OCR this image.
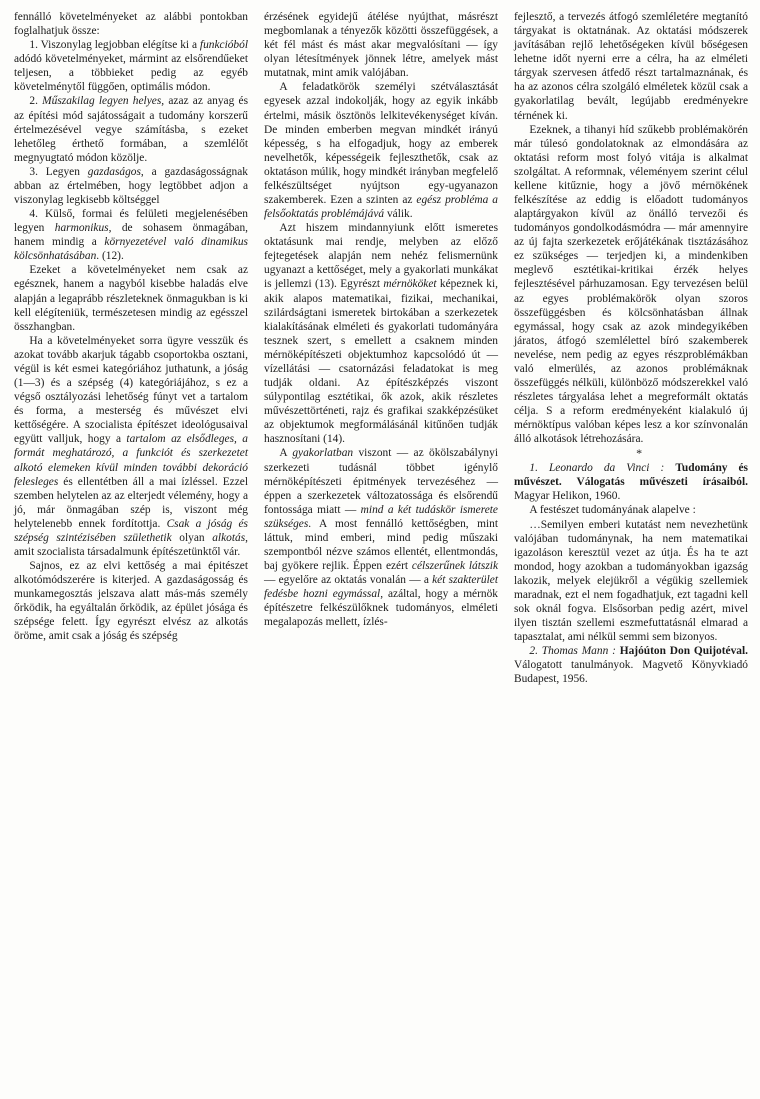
fennálló követelményeket az alábbi pontokban foglalhatjuk össze:

1. Viszonylag legjobban elégítse ki a funkcióból adódó követelményeket, mármint az elsőrendűeket teljesen, a többieket pedig az egyéb követelménytől függően, optimális módon.

2. Műszakilag legyen helyes, azaz az anyag és az építési mód sajátosságait a tudomány korszerű értelmezésével vegye számításba, s ezeket lehetőleg érthető formában, a szemlélőt megnyugtató módon közölje.

3. Legyen gazdaságos, a gazdaságosságnak abban az értelmében, hogy legtöbbet adjon a viszonylag legkisebb költséggel

4. Külső, formai és felületi megjelenésében legyen harmonikus, de sohasem önmagában, hanem mindig a környezetével való dinamikus kölcsönhatásában. (12).

Ezeket a követelményeket nem csak az egésznek, hanem a nagyból kisebbe haladás elve alapján a legaprább részleteknek önmagukban is ki kell elégíteniük, természetesen mindig az egésszel összhangban.

Ha a követelményeket sorra ügyre vesszük és azokat tovább akarjuk tágabb csoportokba osztani, végül is két esmei kategóriához juthatunk, a jóság (1—3) és a szépség (4) kategóriájához, s ez a végső osztályozási lehetőség fúnyt vet a tartalom és forma, a mesterség és művészet elvi kettőségére. A szocialista építészet ideológusaival együtt valljuk, hogy a tartalom az elsődleges, a formát meghatározó, a funkciót és szerkezetet alkotó elemeken kívül minden további dekoráció felesleges és ellentétben áll a mai ízléssel. Ezzel szemben helytelen az az elterjedt vélemény, hogy a jó, már önmagában szép is, viszont még helytelenebb ennek fordítottja. Csak a jóság és szépség szintézisében születhetik olyan alkotás, amit szocialista társadalmunk építészetünktől vár.

Sajnos, ez az elvi kettőség a mai épitészet alkotómódszerére is kiterjed. A gazdaságosság és munkamegosztás jelszava alatt más-más személy őrködik, ha egyáltalán őrködik, az épület jósága és szépsége felett. Így egyrészt elvész az alkotás öröme, amit csak a jóság és szépség

érzésének egyidejű átélése nyújthat, másrészt megbomlanak a tényezők közötti összefüggések, a két fél mást és mást akar megvalósítani — így olyan létesítmények jönnek létre, amelyek mást mutatnak, mint amik valójában.

A feladatkörök személyi szétválasztását egyesek azzal indokolják, hogy az egyik inkább értelmi, másik ösztönös lelkitevékenységet kíván. De minden emberben megvan mindkét irányú képesség, s ha elfogadjuk, hogy az emberek nevelhetők, képességeik fejleszthetők, csak az oktatáson múlik, hogy mindkét irányban megfelelő felkészültséget nyújtson egy-ugyanazon szakemberek. Ezen a szinten az egész probléma a felsőoktatás problémájává válik.

Azt hiszem mindannyiunk előtt ismeretes oktatásunk mai rendje, melyben az előző fejtegetések alapján nem nehéz felismernünk ugyanazt a kettőséget, mely a gyakorlati munkákat is jellemzi (13). Egyrészt mérnököket képeznek ki, akik alapos matematikai, fizikai, mechanikai, szilárdságtani ismeretek birtokában a szerkezetek kialakításának elméleti és gyakorlati tudományára tesznek szert, s emellett a csaknem minden mérnöképítészeti objektumhoz kapcsolódó út — vízellátási — csatornázási feladatokat is meg tudják oldani. Az építészképzés viszont súlypontilag esztétikai, ők azok, akik részletes művészettörténeti, rajz és grafikai szakképzésüket az objektumok megformálásánál kitűnően tudják hasznosítani (14).

A gyakorlatban viszont — az ökölszabálynyi szerkezeti tudásnál többet igénylő mérnöképítészeti épitmények tervezéséhez — éppen a szerkezetek változatossága és elsőrendű fontossága miatt — mind a két tudáskör ismerete szükséges. A most fennálló kettőségben, mint láttuk, mind emberi, mind pedig műszaki szempontból nézve számos ellentét, ellentmondás, baj gyökere rejlik. Éppen ezért célszerűnek látszik — egyelőre az oktatás vonalán — a két szakterület fedésbe hozni egymással, azáltal, hogy a mérnök építészetre felkészülőknek tudományos, elméleti megalapozás mellett, ízlés-

fejlesztő, a tervezés átfogó szemléletére megtanító tárgyakat is oktatnának. Az oktatási módszerek javításában rejlő lehetőségeken kívül bőségesen lehetne időt nyerni erre a célra, ha az elméleti tárgyak szervesen átfedő részt tartalmaznának, és ha az azonos célra szolgáló elméletek közül csak a gyakorlatilag bevált, legújabb eredményekre térnének ki.

Ezeknek, a tihanyi híd szűkebb problémakörén már túlesó gondolatoknak az elmondására az oktatási reform most folyó vitája is alkalmat szolgáltat. A reformnak, véleményem szerint célul kellene kitűznie, hogy a jövő mérnökének felkészítése az eddig is előadott tudományos alaptárgyakon kívül az önálló tervezői és tudományos gondolkodásmódra — már amennyire az új fajta szerkezetek erőjátékának tisztázásához ez szükséges — terjedjen ki, a mindenkiben meglevő esztétikai-kritikai érzék helyes fejlesztésével párhuzamosan. Egy tervezésen belül az egyes problémakörök olyan szoros összefüggésben és kölcsönhatásban állnak egymással, hogy csak az azok mindegyikében járatos, átfogó szemlélettel bíró szakemberek nevelése, nem pedig az egyes részproblémákban való elmerülés, az azonos problémáknak összefüggés nélküli, különböző módszerekkel való részletes tárgyalása lehet a megreformált oktatás célja. S a reform eredményeként kialakuló új mérnöktípus valóban képes lesz a kor színvonalán álló alkotások létrehozására.

*

1. Leonardo da Vinci : Tudomány és művészet. Válogatás művészeti írásaiból. Magyar Helikon, 1960.

A festészet tudományának alapelve :

…Semilyen emberi kutatást nem nevezhetünk valójában tudománynak, ha nem matematikai igazoláson keresztül vezet az útja. És ha te azt mondod, hogy azokban a tudományokban igazság lakozik, melyek elejükről a végükig szellemiek maradnak, ezt el nem fogadhatjuk, ezt tagadni kell sok oknál fogva. Elsősorban pedig azért, mivel ilyen tisztán szellemi eszmefuttatásnál elmarad a tapasztalat, ami nélkül semmi sem bizonyos.

2. Thomas Mann : Hajóúton Don Quijotéval. Válogatott tanulmányok. Magvető Könyvkiadó Budapest, 1956.
